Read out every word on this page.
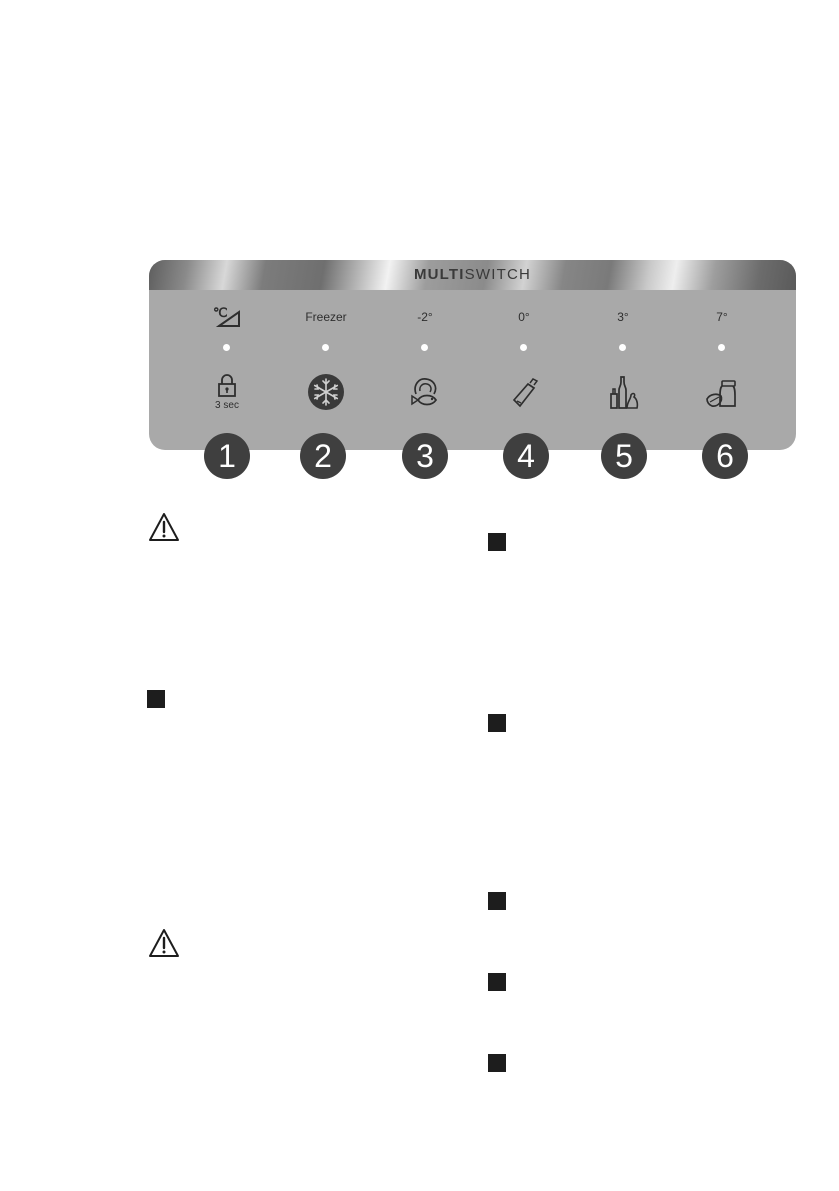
MULTISWITCH
℃
3 sec
Freezer	-2°	0°	3°	7°
1	2	3	4	5	6
